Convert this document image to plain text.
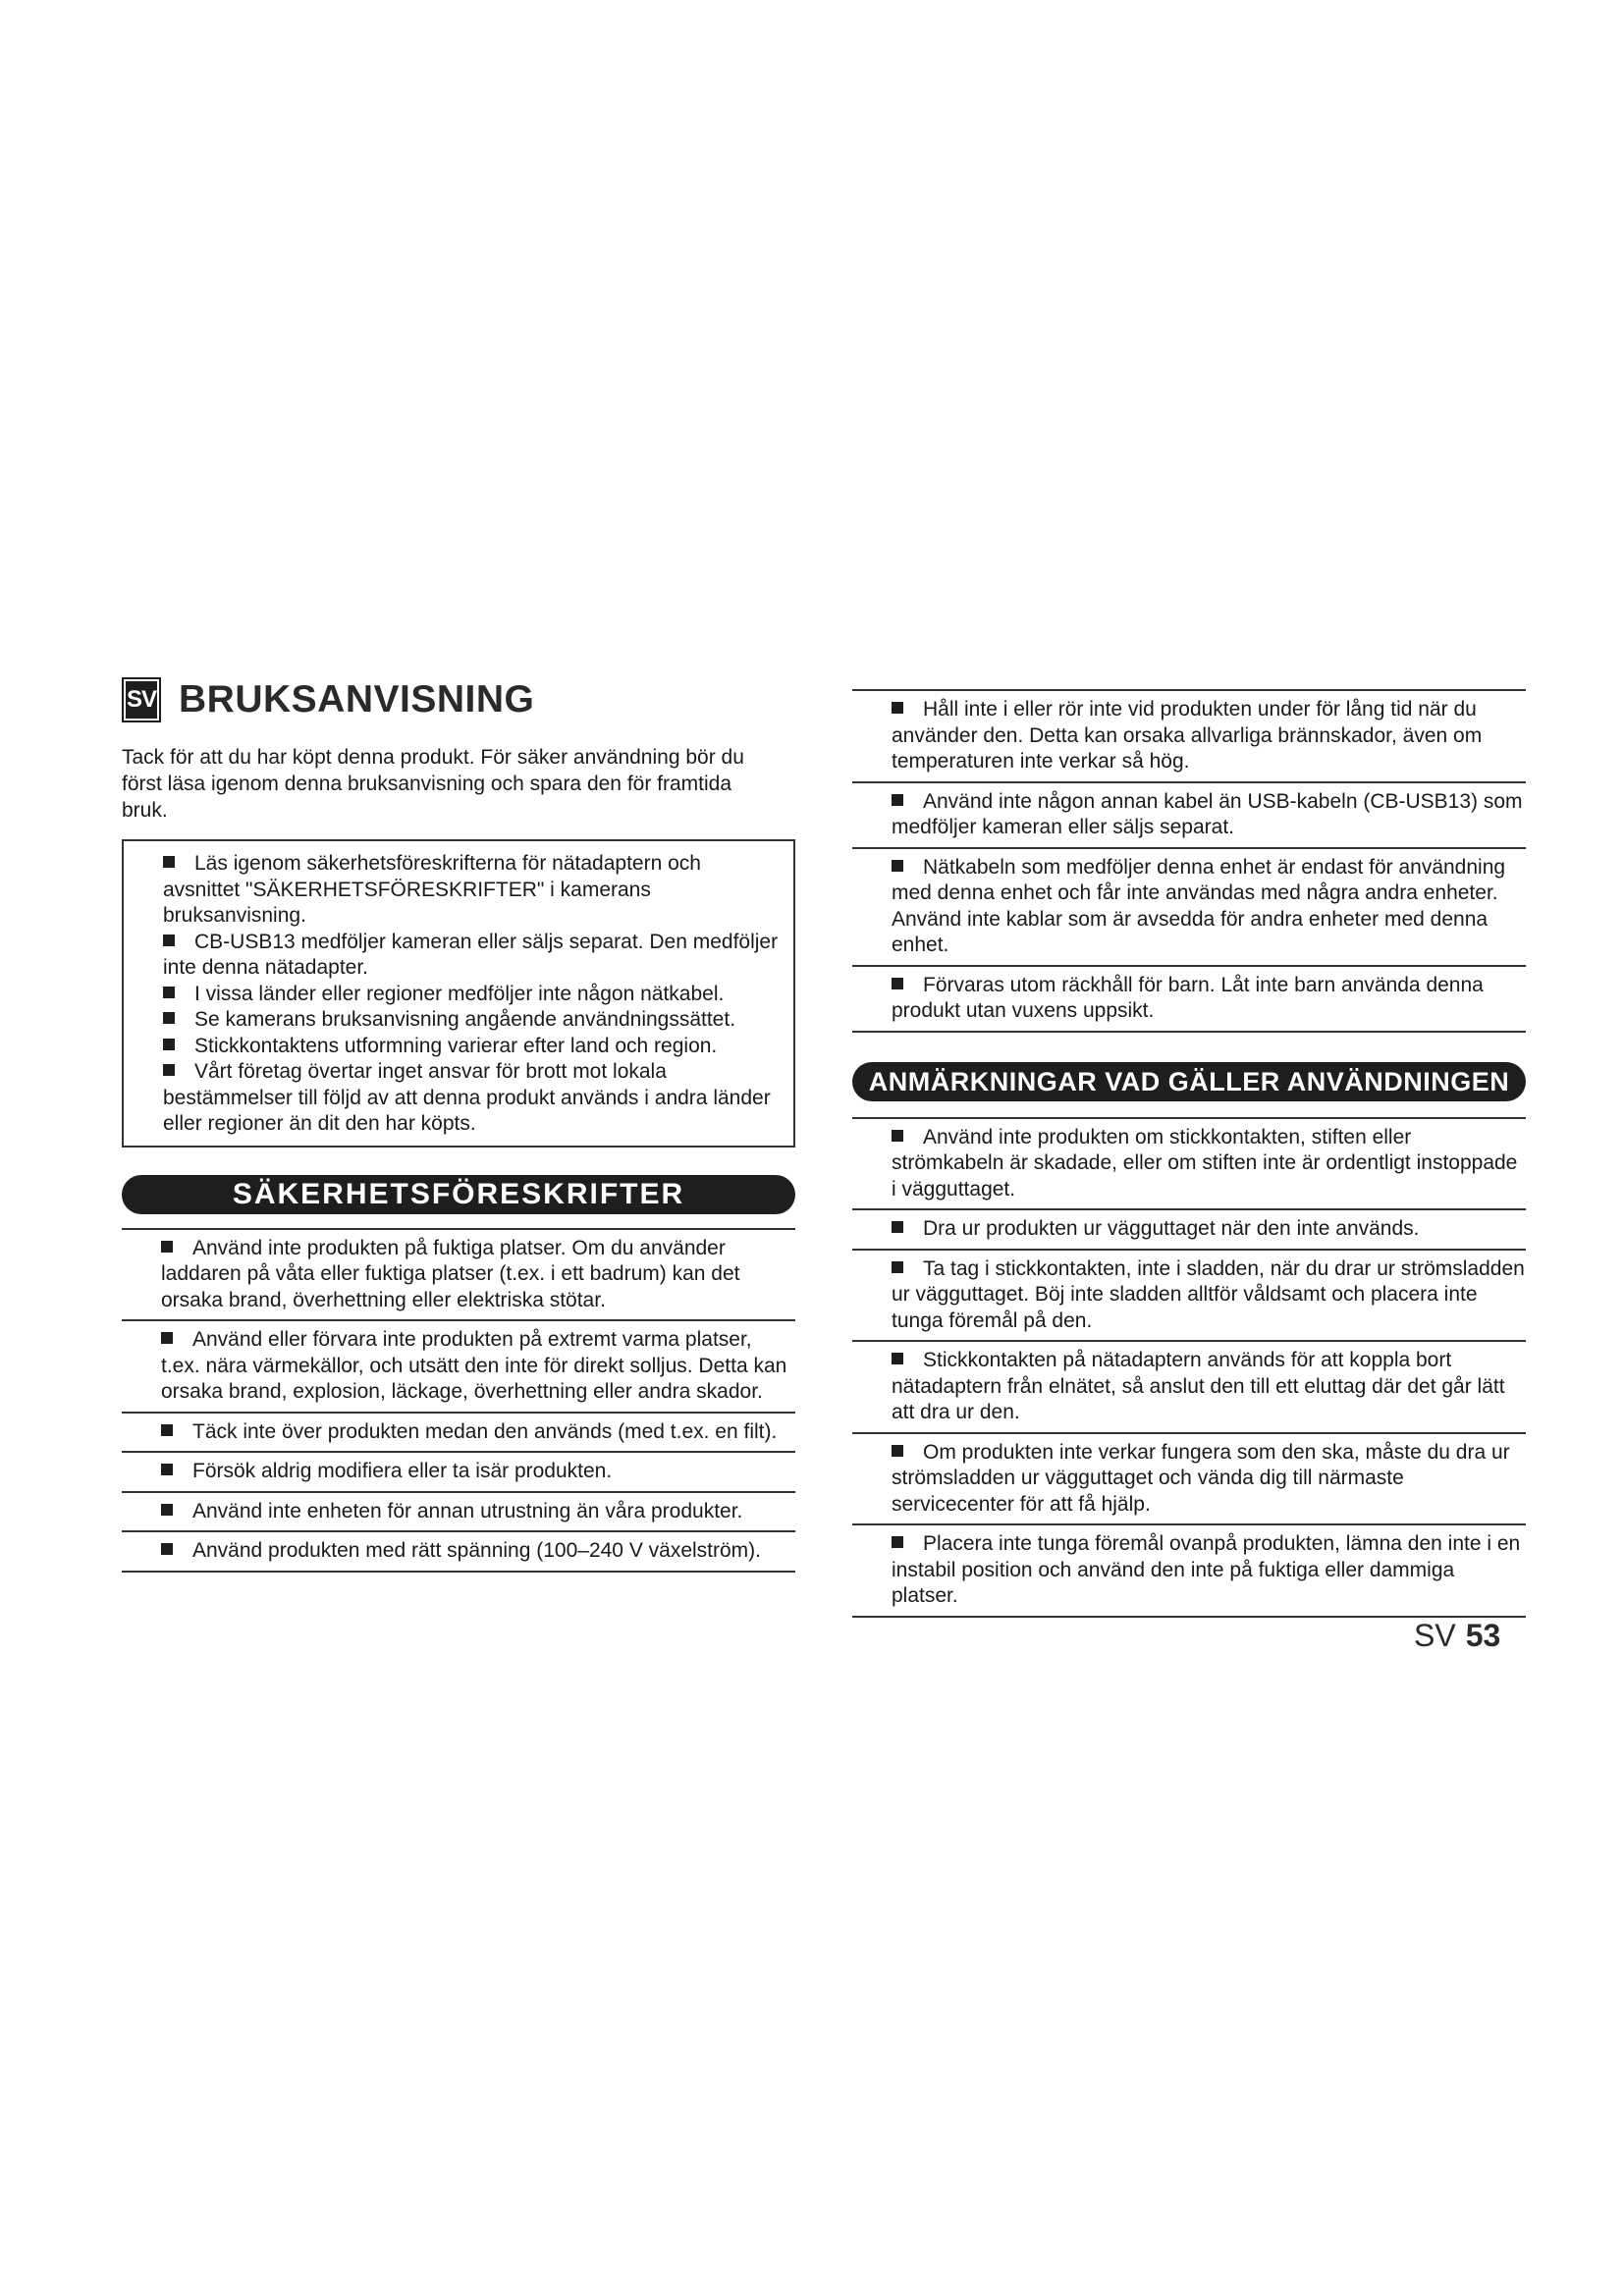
SV BRUKSANVISNING

Tack för att du har köpt denna produkt. För säker användning bör du först läsa igenom denna bruksanvisning och spara den för framtida bruk.

Läs igenom säkerhetsföreskrifterna för nätadaptern och avsnittet "SÄKERHETSFÖRESKRIFTER" i kamerans bruksanvisning.
CB-USB13 medföljer kameran eller säljs separat. Den medföljer inte denna nätadapter.
I vissa länder eller regioner medföljer inte någon nätkabel.
Se kamerans bruksanvisning angående användningssättet.
Stickkontaktens utformning varierar efter land och region.
Vårt företag övertar inget ansvar för brott mot lokala bestämmelser till följd av att denna produkt används i andra länder eller regioner än dit den har köpts.
SÄKERHETSFÖRESKRIFTER
Använd inte produkten på fuktiga platser. Om du använder laddaren på våta eller fuktiga platser (t.ex. i ett badrum) kan det orsaka brand, överhettning eller elektriska stötar.
Använd eller förvara inte produkten på extremt varma platser, t.ex. nära värmekällor, och utsätt den inte för direkt solljus. Detta kan orsaka brand, explosion, läckage, överhettning eller andra skador.
Täck inte över produkten medan den används (med t.ex. en filt).
Försök aldrig modifiera eller ta isär produkten.
Använd inte enheten för annan utrustning än våra produkter.
Använd produkten med rätt spänning (100–240 V växelström).
Håll inte i eller rör inte vid produkten under för lång tid när du använder den. Detta kan orsaka allvarliga brännskador, även om temperaturen inte verkar så hög.
Använd inte någon annan kabel än USB-kabeln (CB-USB13) som medföljer kameran eller säljs separat.
Nätkabeln som medföljer denna enhet är endast för användning med denna enhet och får inte användas med några andra enheter. Använd inte kablar som är avsedda för andra enheter med denna enhet.
Förvaras utom räckhåll för barn. Låt inte barn använda denna produkt utan vuxens uppsikt.
ANMÄRKNINGAR VAD GÄLLER ANVÄNDNINGEN
Använd inte produkten om stickkontakten, stiften eller strömkabeln är skadade, eller om stiften inte är ordentligt instoppade i vägguttaget.
Dra ur produkten ur vägguttaget när den inte används.
Ta tag i stickkontakten, inte i sladden, när du drar ur strömsladden ur vägguttaget. Böj inte sladden alltför våldsamt och placera inte tunga föremål på den.
Stickkontakten på nätadaptern används för att koppla bort nätadaptern från elnätet, så anslut den till ett eluttag där det går lätt att dra ur den.
Om produkten inte verkar fungera som den ska, måste du dra ur strömsladden ur vägguttaget och vända dig till närmaste servicecenter för att få hjälp.
Placera inte tunga föremål ovanpå produkten, lämna den inte i en instabil position och använd den inte på fuktiga eller dammiga platser.
SV 53
